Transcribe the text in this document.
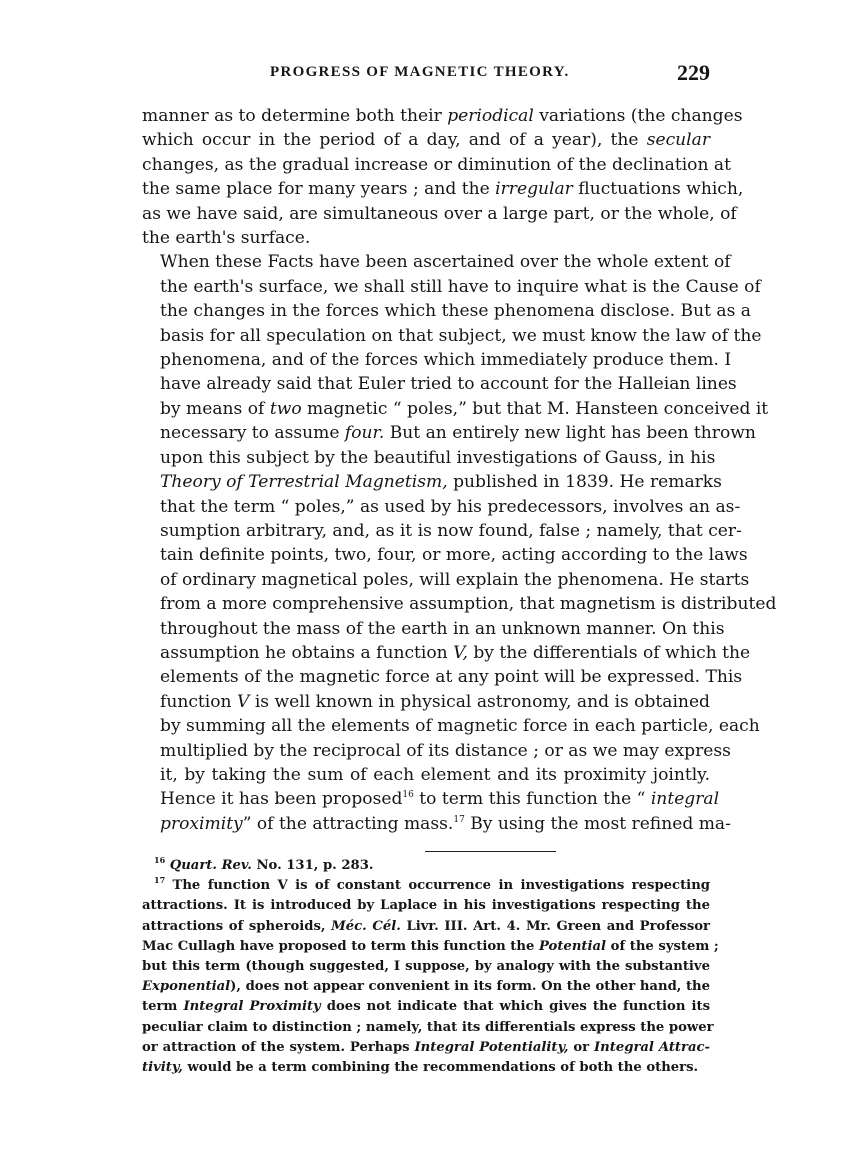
PROGRESS OF MAGNETIC THEORY.	229

manner as to determine both their periodical variations (the changes
which occur in the period of a day, and of a year), the secular
changes, as the gradual increase or diminution of the declination at
the same place for many years ; and the irregular fluctuations which,
as we have said, are simultaneous over a large part, or the whole, of
the earth's surface.

When these Facts have been ascertained over the whole extent of
the earth's surface, we shall still have to inquire what is the Cause of
the changes in the forces which these phenomena disclose. But as a
basis for all speculation on that subject, we must know the law of the
phenomena, and of the forces which immediately produce them. I
have already said that Euler tried to account for the Halleian lines
by means of two magnetic “ poles,” but that M. Hansteen conceived it
necessary to assume four. But an entirely new light has been thrown
upon this subject by the beautiful investigations of Gauss, in his
Theory of Terrestrial Magnetism, published in 1839. He remarks
that the term “ poles,” as used by his predecessors, involves an as-
sumption arbitrary, and, as it is now found, false ; namely, that cer-
tain definite points, two, four, or more, acting according to the laws
of ordinary magnetical poles, will explain the phenomena. He starts
from a more comprehensive assumption, that magnetism is distributed
throughout the mass of the earth in an unknown manner. On this
assumption he obtains a function V, by the differentials of which the
elements of the magnetic force at any point will be expressed. This
function V is well known in physical astronomy, and is obtained
by summing all the elements of magnetic force in each particle, each
multiplied by the reciprocal of its distance ; or as we may express
it, by taking the sum of each element and its proximity jointly.
Hence it has been proposed$^{16}$ to term this function the “ integral
proximity” of the attracting mass.$^{17}$ By using the most refined ma-

$^{16}$ Quart. Rev. No. 131, p. 283.
$^{17}$ The function V is of constant occurrence in investigations respecting
attractions. It is introduced by Laplace in his investigations respecting the
attractions of spheroids, Méc. Cél. Livr. III. Art. 4. Mr. Green and Professor
Mac Cullagh have proposed to term this function the Potential of the system ;
but this term (though suggested, I suppose, by analogy with the substantive
Exponential), does not appear convenient in its form. On the other hand, the
term Integral Proximity does not indicate that which gives the function its
peculiar claim to distinction ; namely, that its differentials express the power
or attraction of the system. Perhaps Integral Potentiality, or Integral Attrac-
tivity, would be a term combining the recommendations of both the others.
